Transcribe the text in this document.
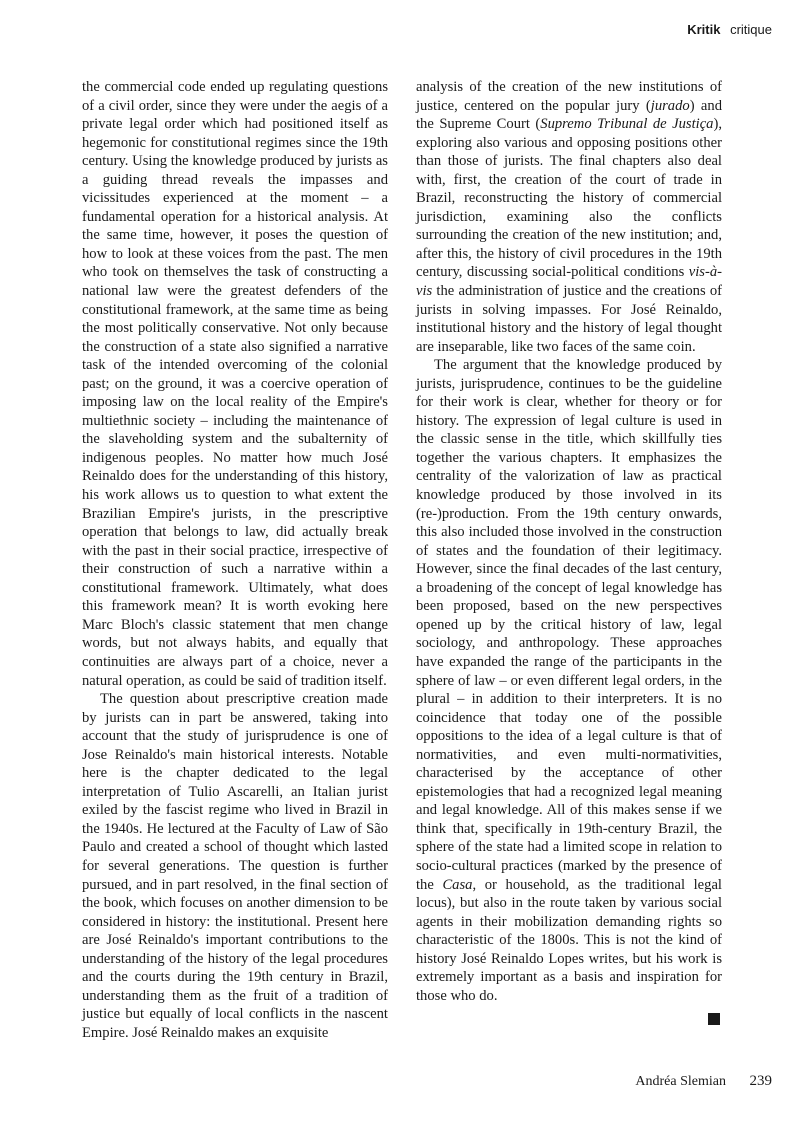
Kritik critique

the commercial code ended up regulating questions of a civil order, since they were under the aegis of a private legal order which had positioned itself as hegemonic for constitutional regimes since the 19th century. Using the knowledge produced by jurists as a guiding thread reveals the impasses and vicissitudes experienced at the moment – a fundamental operation for a historical analysis. At the same time, however, it poses the question of how to look at these voices from the past. The men who took on themselves the task of constructing a national law were the greatest defenders of the constitutional framework, at the same time as being the most politically conservative. Not only because the construction of a state also signified a narrative task of the intended overcoming of the colonial past; on the ground, it was a coercive operation of imposing law on the local reality of the Empire's multiethnic society – including the maintenance of the slaveholding system and the subalternity of indigenous peoples. No matter how much José Reinaldo does for the understanding of this history, his work allows us to question to what extent the Brazilian Empire's jurists, in the prescriptive operation that belongs to law, did actually break with the past in their social practice, irrespective of their construction of such a narrative within a constitutional framework. Ultimately, what does this framework mean? It is worth evoking here Marc Bloch's classic statement that men change words, but not always habits, and equally that continuities are always part of a choice, never a natural operation, as could be said of tradition itself.

The question about prescriptive creation made by jurists can in part be answered, taking into account that the study of jurisprudence is one of Jose Reinaldo's main historical interests. Notable here is the chapter dedicated to the legal interpretation of Tulio Ascarelli, an Italian jurist exiled by the fascist regime who lived in Brazil in the 1940s. He lectured at the Faculty of Law of São Paulo and created a school of thought which lasted for several generations. The question is further pursued, and in part resolved, in the final section of the book, which focuses on another dimension to be considered in history: the institutional. Present here are José Reinaldo's important contributions to the understanding of the history of the legal procedures and the courts during the 19th century in Brazil, understanding them as the fruit of a tradition of justice but equally of local conflicts in the nascent Empire. José Reinaldo makes an exquisite

analysis of the creation of the new institutions of justice, centered on the popular jury (jurado) and the Supreme Court (Supremo Tribunal de Justiça), exploring also various and opposing positions other than those of jurists. The final chapters also deal with, first, the creation of the court of trade in Brazil, reconstructing the history of commercial jurisdiction, examining also the conflicts surrounding the creation of the new institution; and, after this, the history of civil procedures in the 19th century, discussing social-political conditions vis-à-vis the administration of justice and the creations of jurists in solving impasses. For José Reinaldo, institutional history and the history of legal thought are inseparable, like two faces of the same coin.

The argument that the knowledge produced by jurists, jurisprudence, continues to be the guideline for their work is clear, whether for theory or for history. The expression of legal culture is used in the classic sense in the title, which skillfully ties together the various chapters. It emphasizes the centrality of the valorization of law as practical knowledge produced by those involved in its (re-)production. From the 19th century onwards, this also included those involved in the construction of states and the foundation of their legitimacy. However, since the final decades of the last century, a broadening of the concept of legal knowledge has been proposed, based on the new perspectives opened up by the critical history of law, legal sociology, and anthropology. These approaches have expanded the range of the participants in the sphere of law – or even different legal orders, in the plural – in addition to their interpreters. It is no coincidence that today one of the possible oppositions to the idea of a legal culture is that of normativities, and even multi-normativities, characterised by the acceptance of other epistemologies that had a recognized legal meaning and legal knowledge. All of this makes sense if we think that, specifically in 19th-century Brazil, the sphere of the state had a limited scope in relation to socio-cultural practices (marked by the presence of the Casa, or household, as the traditional legal locus), but also in the route taken by various social agents in their mobilization demanding rights so characteristic of the 1800s. This is not the kind of history José Reinaldo Lopes writes, but his work is extremely important as a basis and inspiration for those who do.

Andréa Slemian 239
